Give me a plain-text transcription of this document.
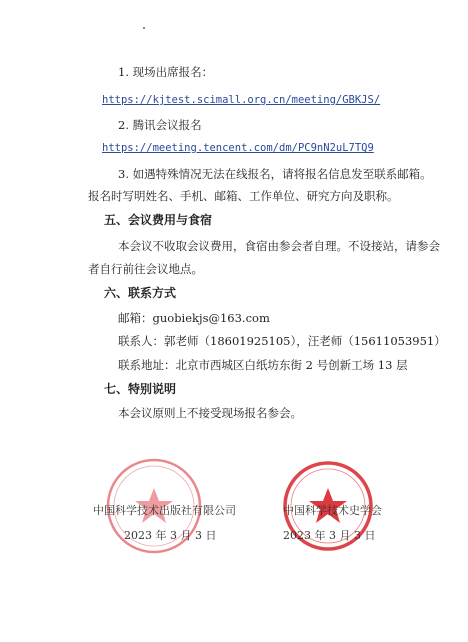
1. 现场出席报名：
https://kjtest.scimall.org.cn/meeting/GBKJS/
2. 腾讯会议报名
https://meeting.tencent.com/dm/PC9nN2uL7TQ9
3. 如遇特殊情况无法在线报名，请将报名信息发至联系邮箱。
报名时写明姓名、手机、邮箱、工作单位、研究方向及职称。
五、会议费用与食宿
本会议不收取会议费用，食宿由参会者自理。不设接站，请参会
者自行前往会议地点。
六、联系方式
邮箱：guobiekjs@163.com
联系人：郭老师（18601925105），汪老师（15611053951）
联系地址：北京市西城区白纸坊东街 2 号创新工场 13 层
七、特别说明
本会议原则上不接受现场报名参会。
中国科学技术出版社有限公司
2023 年 3 月 3 日
中国科学技术史学会
2023 年 3 月 3 日
